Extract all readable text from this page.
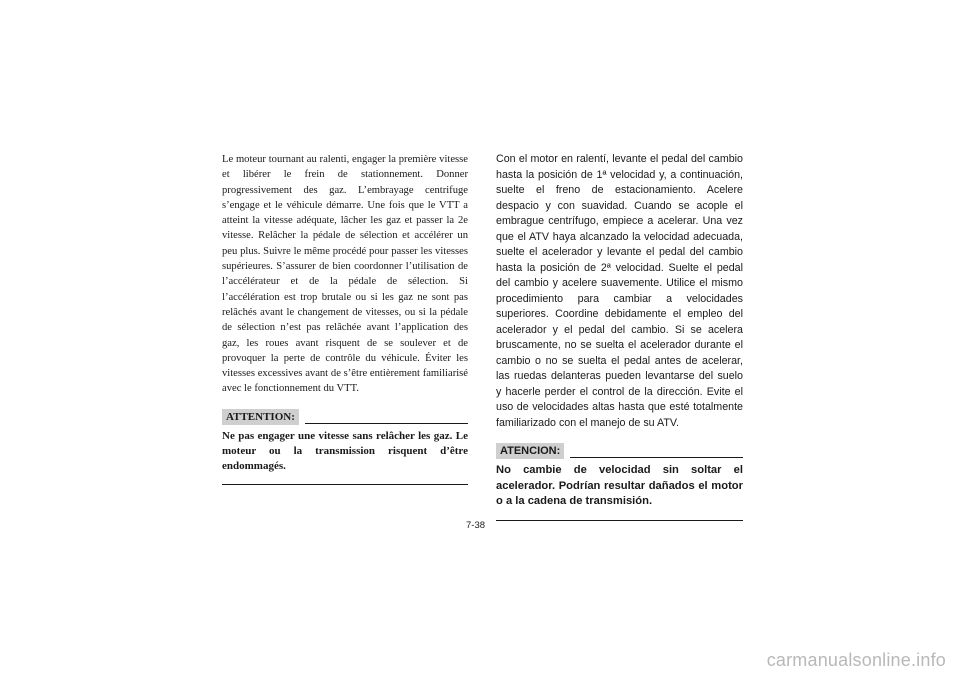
Le moteur tournant au ralenti, engager la première vitesse et libérer le frein de stationnement. Donner progressivement des gaz. L’embrayage centrifuge s’engage et le véhicule démarre. Une fois que le VTT a atteint la vitesse adéquate, lâcher les gaz et passer la 2e vitesse. Relâcher la pédale de sélection et accélérer un peu plus. Suivre le même procédé pour passer les vitesses supérieures. S’assurer de bien coordonner l’utilisation de l’accélérateur et de la pédale de sélection. Si l’accélération est trop brutale ou si les gaz ne sont pas relâchés avant le changement de vitesses, ou si la pédale de sélection n’est pas relâchée avant l’application des gaz, les roues avant risquent de se soulever et de provoquer la perte de contrôle du véhicule. Éviter les vitesses excessives avant de s’être entièrement familiarisé avec le fonctionnement du VTT.

ATTENTION:

Ne pas engager une vitesse sans relâcher les gaz. Le moteur ou la transmission risquent d’être endommagés.

Con el motor en ralentí, levante el pedal del cambio hasta la posición de 1ª velocidad y, a continuación, suelte el freno de estacionamiento. Acelere despacio y con suavidad. Cuando se acople el embrague centrífugo, empiece a acelerar. Una vez que el ATV haya alcanzado la velocidad adecuada, suelte el acelerador y levante el pedal del cambio hasta la posición de 2ª velocidad. Suelte el pedal del cambio y acelere suavemente. Utilice el mismo procedimiento para cambiar a velocidades superiores. Coordine debidamente el empleo del acelerador y el pedal del cambio. Si se acelera bruscamente, no se suelta el acelerador durante el cambio o no se suelta el pedal antes de acelerar, las ruedas delanteras pueden levantarse del suelo y hacerle perder el control de la dirección. Evite el uso de velocidades altas hasta que esté totalmente familiarizado con el manejo de su ATV.

ATENCION:

No cambie de velocidad sin soltar el acelerador. Podrían resultar dañados el motor o a la cadena de transmisión.

7-38
carmanualsonline.info
